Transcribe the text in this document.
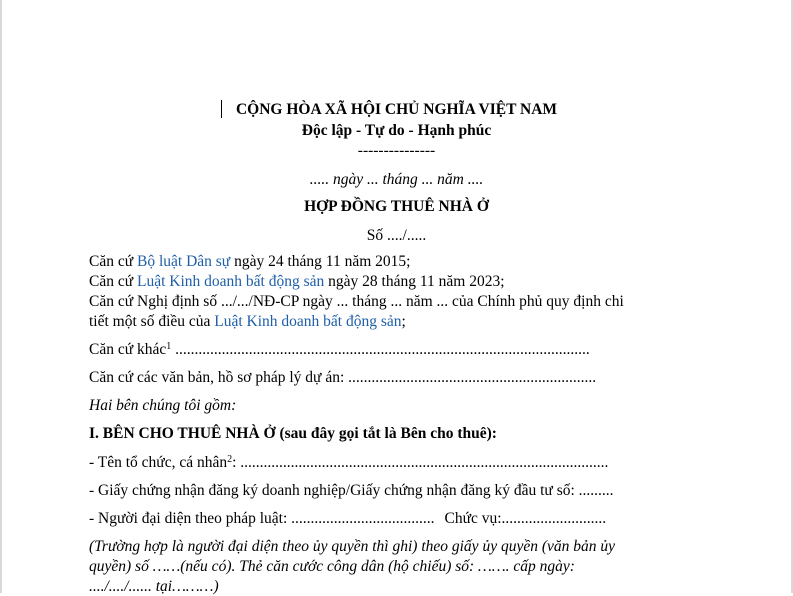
CỘNG HÒA XÃ HỘI CHỦ NGHĨA VIỆT NAM
Độc lập - Tự do - Hạnh phúc
---------------
..... ngày ... tháng ... năm ....
HỢP ĐỒNG THUÊ NHÀ Ở
Số ..../.....
Căn cứ Bộ luật Dân sự ngày 24 tháng 11 năm 2015;
Căn cứ Luật Kinh doanh bất động sản ngày 28 tháng 11 năm 2023;
Căn cứ Nghị định số .../.../NĐ-CP ngày ... tháng ... năm ... của Chính phủ quy định chi
tiết một số điều của Luật Kinh doanh bất động sản;
Căn cứ khác$^1$ ...........................................................................................................
Căn cứ các văn bản, hồ sơ pháp lý dự án: ................................................................
Hai bên chúng tôi gồm:
I. BÊN CHO THUÊ NHÀ Ở (sau đây gọi tắt là Bên cho thuê):
- Tên tổ chức, cá nhân$^2$: ...............................................................................................
- Giấy chứng nhận đăng ký doanh nghiệp/Giấy chứng nhận đăng ký đầu tư số: .........
- Người đại diện theo pháp luật: ..................................... Chức vụ:...........................
(Trường hợp là người đại diện theo ủy quyền thì ghi) theo giấy ủy quyền (văn bản ủy
quyền) số ……(nếu có). Thẻ căn cước công dân (hộ chiếu) số: ……. cấp ngày:
..../..../...... tại………)
